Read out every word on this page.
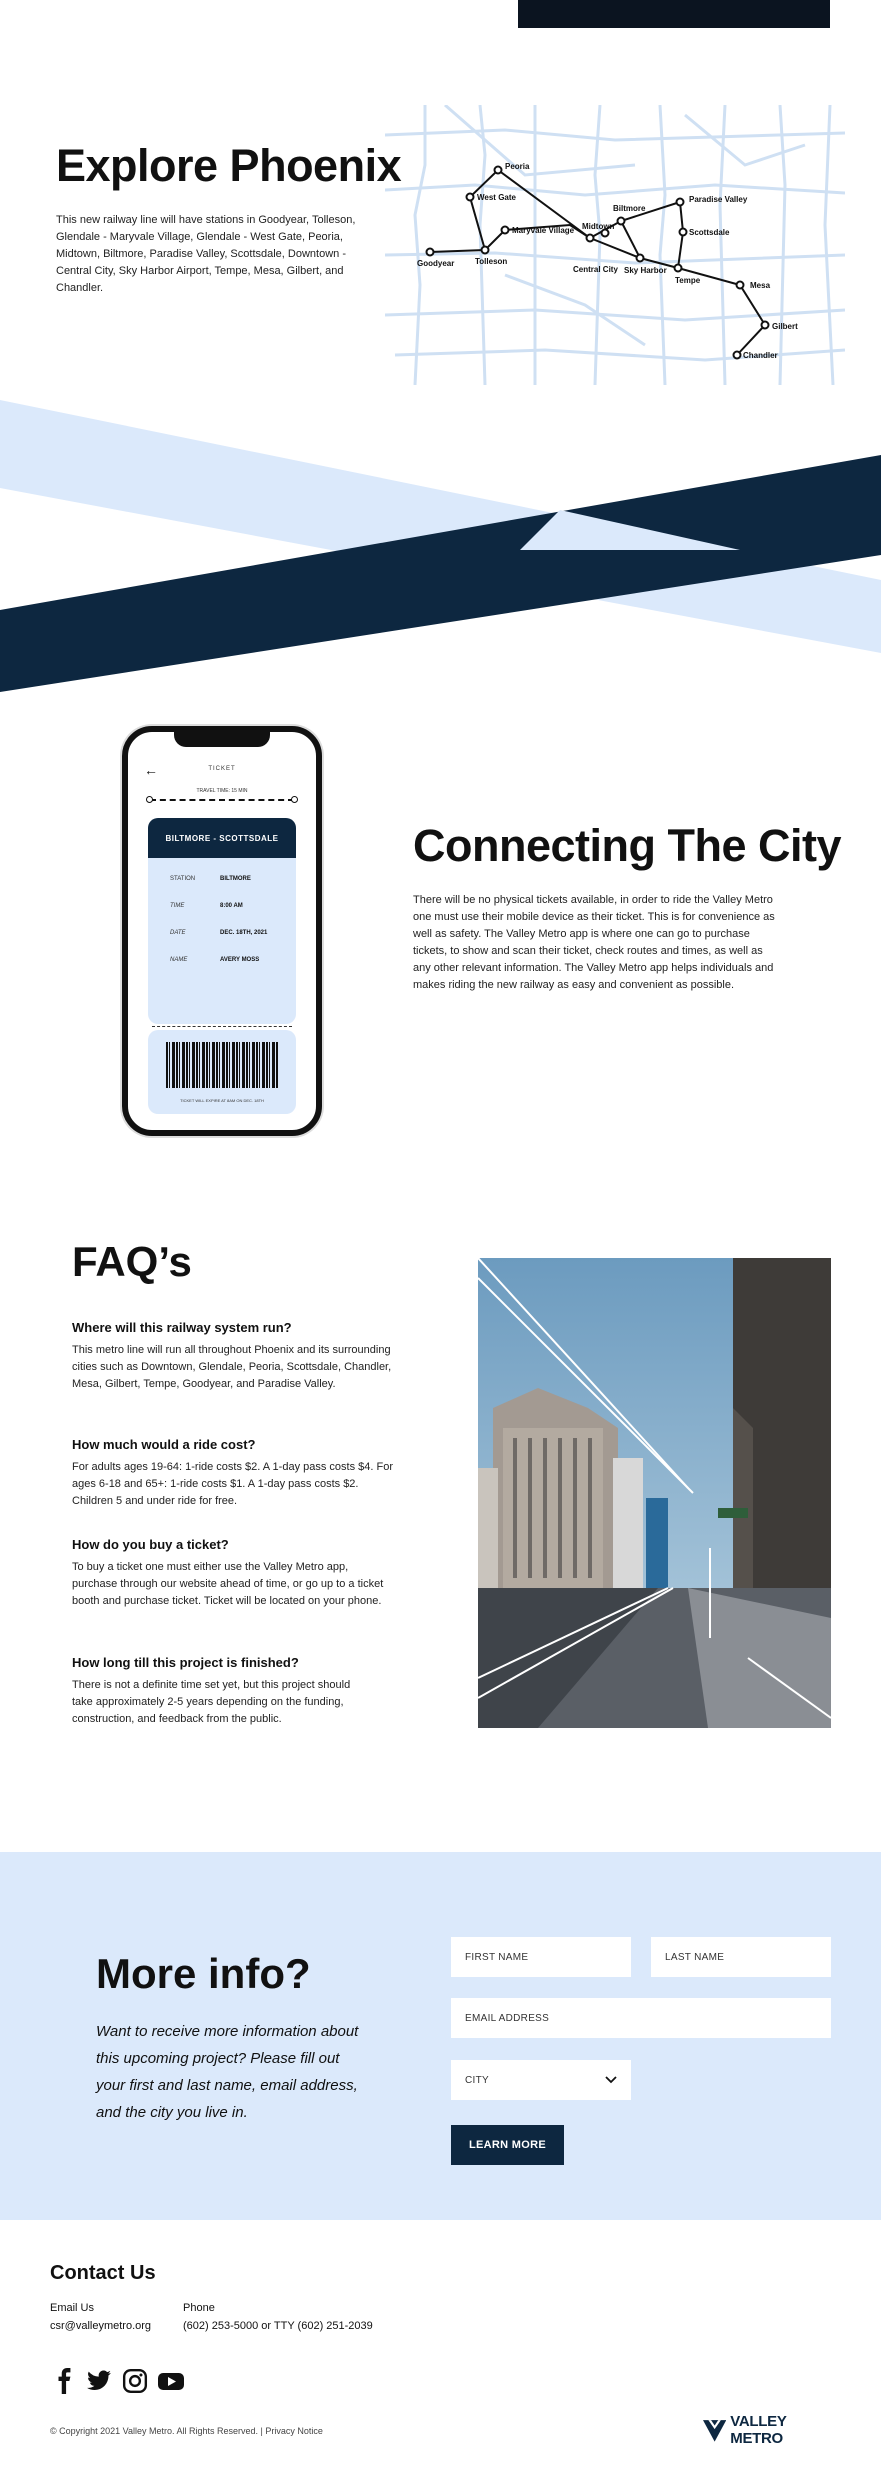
Explore Phoenix

This new railway line will have stations in Goodyear, Tolleson, Glendale - Maryvale Village, Glendale - West Gate, Peoria, Midtown, Biltmore, Paradise Valley, Scottsdale, Downtown - Central City, Sky Harbor Airport, Tempe, Mesa, Gilbert, and Chandler.

Peoria
West Gate
Maryvale Village Midtown
Biltmore
Paradise Valley
Scottsdale
Goodyear	Tolleson
Central City Sky Harbor
Tempe
Mesa
Gilbert
Chandler
←	TICKET
TRAVEL TIME: 15 MIN
BILTMORE - SCOTTSDALE
STATION	BILTMORE
TIME	8:00 AM
DATE	DEC. 18TH, 2021
NAME	AVERY MOSS
TICKET WILL EXPIRE AT 8AM ON DEC. 18TH
Connecting The City

There will be no physical tickets available, in order to ride the Valley Metro one must use their mobile device as their ticket. This is for convenience as well as safety. The Valley Metro app is where one can go to purchase tickets, to show and scan their ticket, check routes and times, as well as any other relevant information. The Valley Metro app helps individuals and makes riding the new railway as easy and convenient as possible.

FAQ’s
Where will this railway system run?
This metro line will run all throughout Phoenix and its surrounding cities such as Downtown, Glendale, Peoria, Scottsdale, Chandler, Mesa, Gilbert, Tempe, Goodyear, and Paradise Valley.
How much would a ride cost?
For adults ages 19-64: 1-ride costs $2. A 1-day pass costs $4. For ages 6-18 and 65+: 1-ride costs $1. A 1-day pass costs $2. Children 5 and under ride for free.
How do you buy a ticket?
To buy a ticket one must either use the Valley Metro app, purchase through our website ahead of time, or go up to a ticket booth and purchase ticket. Ticket will be located on your phone.
How long till this project is finished?
There is not a definite time set yet, but this project should take approximately 2-5 years depending on the funding, construction, and feedback from the public.
More info?

Want to receive more information about this upcoming project? Please fill out your first and last name, email address, and the city you live in.

FIRST NAME	LAST NAME
EMAIL ADDRESS
CITY
LEARN MORE
Contact Us
Email Us
csr@valleymetro.org
Phone
(602) 253-5000 or TTY (602) 251-2039
© Copyright 2021 Valley Metro. All Rights Reserved. | Privacy Notice
VALLEY METRO
